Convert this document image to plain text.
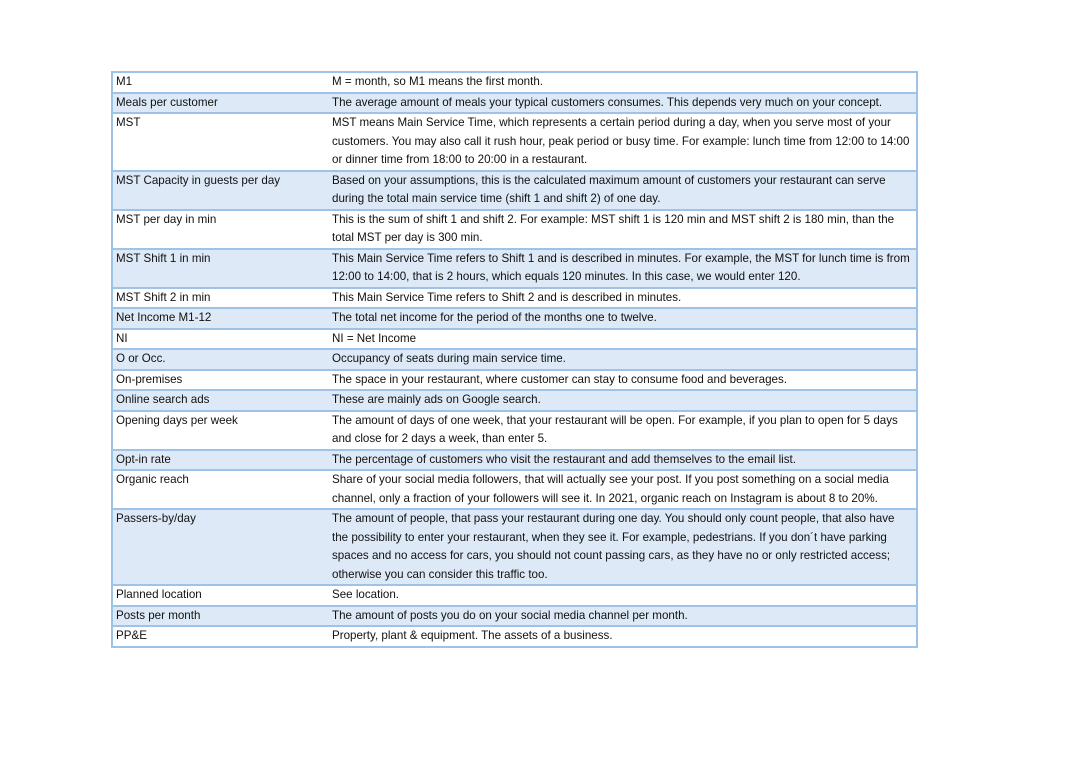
M1	M = month, so M1 means the first month.
Meals per customer	The average amount of meals your typical customers consumes. This depends very much on your concept.
MST	MST means Main Service Time, which represents a certain period during a day, when you serve most of your customers. You may also call it rush hour, peak period or busy time. For example: lunch time from 12:00 to 14:00 or dinner time from 18:00 to 20:00 in a restaurant.
MST Capacity in guests per day	Based on your assumptions, this is the calculated maximum amount of customers your restaurant can serve during the total main service time (shift 1 and shift 2) of one day.
MST per day in min	This is the sum of shift 1 and shift 2. For example: MST shift 1 is 120 min and MST shift 2 is 180 min, than the total MST per day is 300 min.
MST Shift 1 in min	This Main Service Time refers to Shift 1 and is described in minutes. For example, the MST for lunch time is from 12:00 to 14:00, that is 2 hours, which equals 120 minutes. In this case, we would enter 120.
MST Shift 2 in min	This Main Service Time refers to Shift 2 and is described in minutes.
Net Income M1-12	The total net income for the period of the months one to twelve.
NI	NI = Net Income
O or Occ.	Occupancy of seats during main service time.
On-premises	The space in your restaurant, where customer can stay to consume food and beverages.
Online search ads	These are mainly ads on Google search.
Opening days per week	The amount of days of one week, that your restaurant will be open. For example, if you plan to open for 5 days and close for 2 days a week, than enter 5.
Opt-in rate	The percentage of customers who visit the restaurant and add themselves to the email list.
Organic reach	Share of your social media followers, that will actually see your post. If you post something on a social media channel, only a fraction of your followers will see it. In 2021, organic reach on Instagram is about 8 to 20%.
Passers-by/day	The amount of people, that pass your restaurant during one day. You should only count people, that also have the possibility to enter your restaurant, when they see it. For example, pedestrians. If you don´t have parking spaces and no access for cars, you should not count passing cars, as they have no or only restricted access; otherwise you can consider this traffic too.
Planned location	See location.
Posts per month	The amount of posts you do on your social media channel per month.
PP&E	Property, plant & equipment. The assets of a business.
